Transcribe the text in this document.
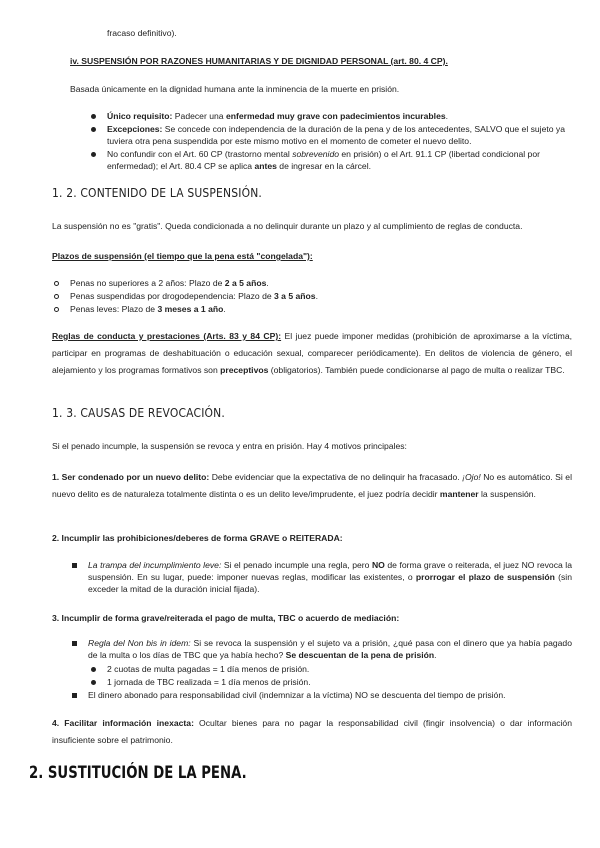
fracaso definitivo).

iv. SUSPENSIÓN POR RAZONES HUMANITARIAS Y DE DIGNIDAD PERSONAL (art. 80. 4 CP).

Basada únicamente en la dignidad humana ante la inminencia de la muerte en prisión.

Único requisito: Padecer una enfermedad muy grave con padecimientos incurables.

Excepciones: Se concede con independencia de la duración de la pena y de los antecedentes, SALVO que el sujeto ya tuviera otra pena suspendida por este mismo motivo en el momento de cometer el nuevo delito.

No confundir con el Art. 60 CP (trastorno mental sobrevenido en prisión) o el Art. 91.1 CP (libertad condicional por enfermedad); el Art. 80.4 CP se aplica antes de ingresar en la cárcel.

1. 2. CONTENIDO DE LA SUSPENSIÓN.

La suspensión no es "gratis". Queda condicionada a no delinquir durante un plazo y al cumplimiento de reglas de conducta.

Plazos de suspensión (el tiempo que la pena está "congelada"):

Penas no superiores a 2 años: Plazo de 2 a 5 años.

Penas suspendidas por drogodependencia: Plazo de 3 a 5 años.

Penas leves: Plazo de 3 meses a 1 año.

Reglas de conducta y prestaciones (Arts. 83 y 84 CP): El juez puede imponer medidas (prohibición de aproximarse a la víctima, participar en programas de deshabituación o educación sexual, comparecer periódicamente). En delitos de violencia de género, el alejamiento y los programas formativos son preceptivos (obligatorios). También puede condicionarse al pago de multa o realizar TBC.

1. 3. CAUSAS DE REVOCACIÓN.

Si el penado incumple, la suspensión se revoca y entra en prisión. Hay 4 motivos principales:

1. Ser condenado por un nuevo delito: Debe evidenciar que la expectativa de no delinquir ha fracasado. ¡Ojo! No es automático. Si el nuevo delito es de naturaleza totalmente distinta o es un delito leve/imprudente, el juez podría decidir mantener la suspensión.

2. Incumplir las prohibiciones/deberes de forma GRAVE o REITERADA:

La trampa del incumplimiento leve: Si el penado incumple una regla, pero NO de forma grave o reiterada, el juez NO revoca la suspensión. En su lugar, puede: imponer nuevas reglas, modificar las existentes, o prorrogar el plazo de suspensión (sin exceder la mitad de la duración inicial fijada).

3. Incumplir de forma grave/reiterada el pago de multa, TBC o acuerdo de mediación:

Regla del Non bis in idem: Si se revoca la suspensión y el sujeto va a prisión, ¿qué pasa con el dinero que ya había pagado de la multa o los días de TBC que ya había hecho? Se descuentan de la pena de prisión.

2 cuotas de multa pagadas = 1 día menos de prisión.

1 jornada de TBC realizada = 1 día menos de prisión.

El dinero abonado para responsabilidad civil (indemnizar a la víctima) NO se descuenta del tiempo de prisión.

4. Facilitar información inexacta: Ocultar bienes para no pagar la responsabilidad civil (fingir insolvencia) o dar información insuficiente sobre el patrimonio.

2. SUSTITUCIÓN DE LA PENA.
